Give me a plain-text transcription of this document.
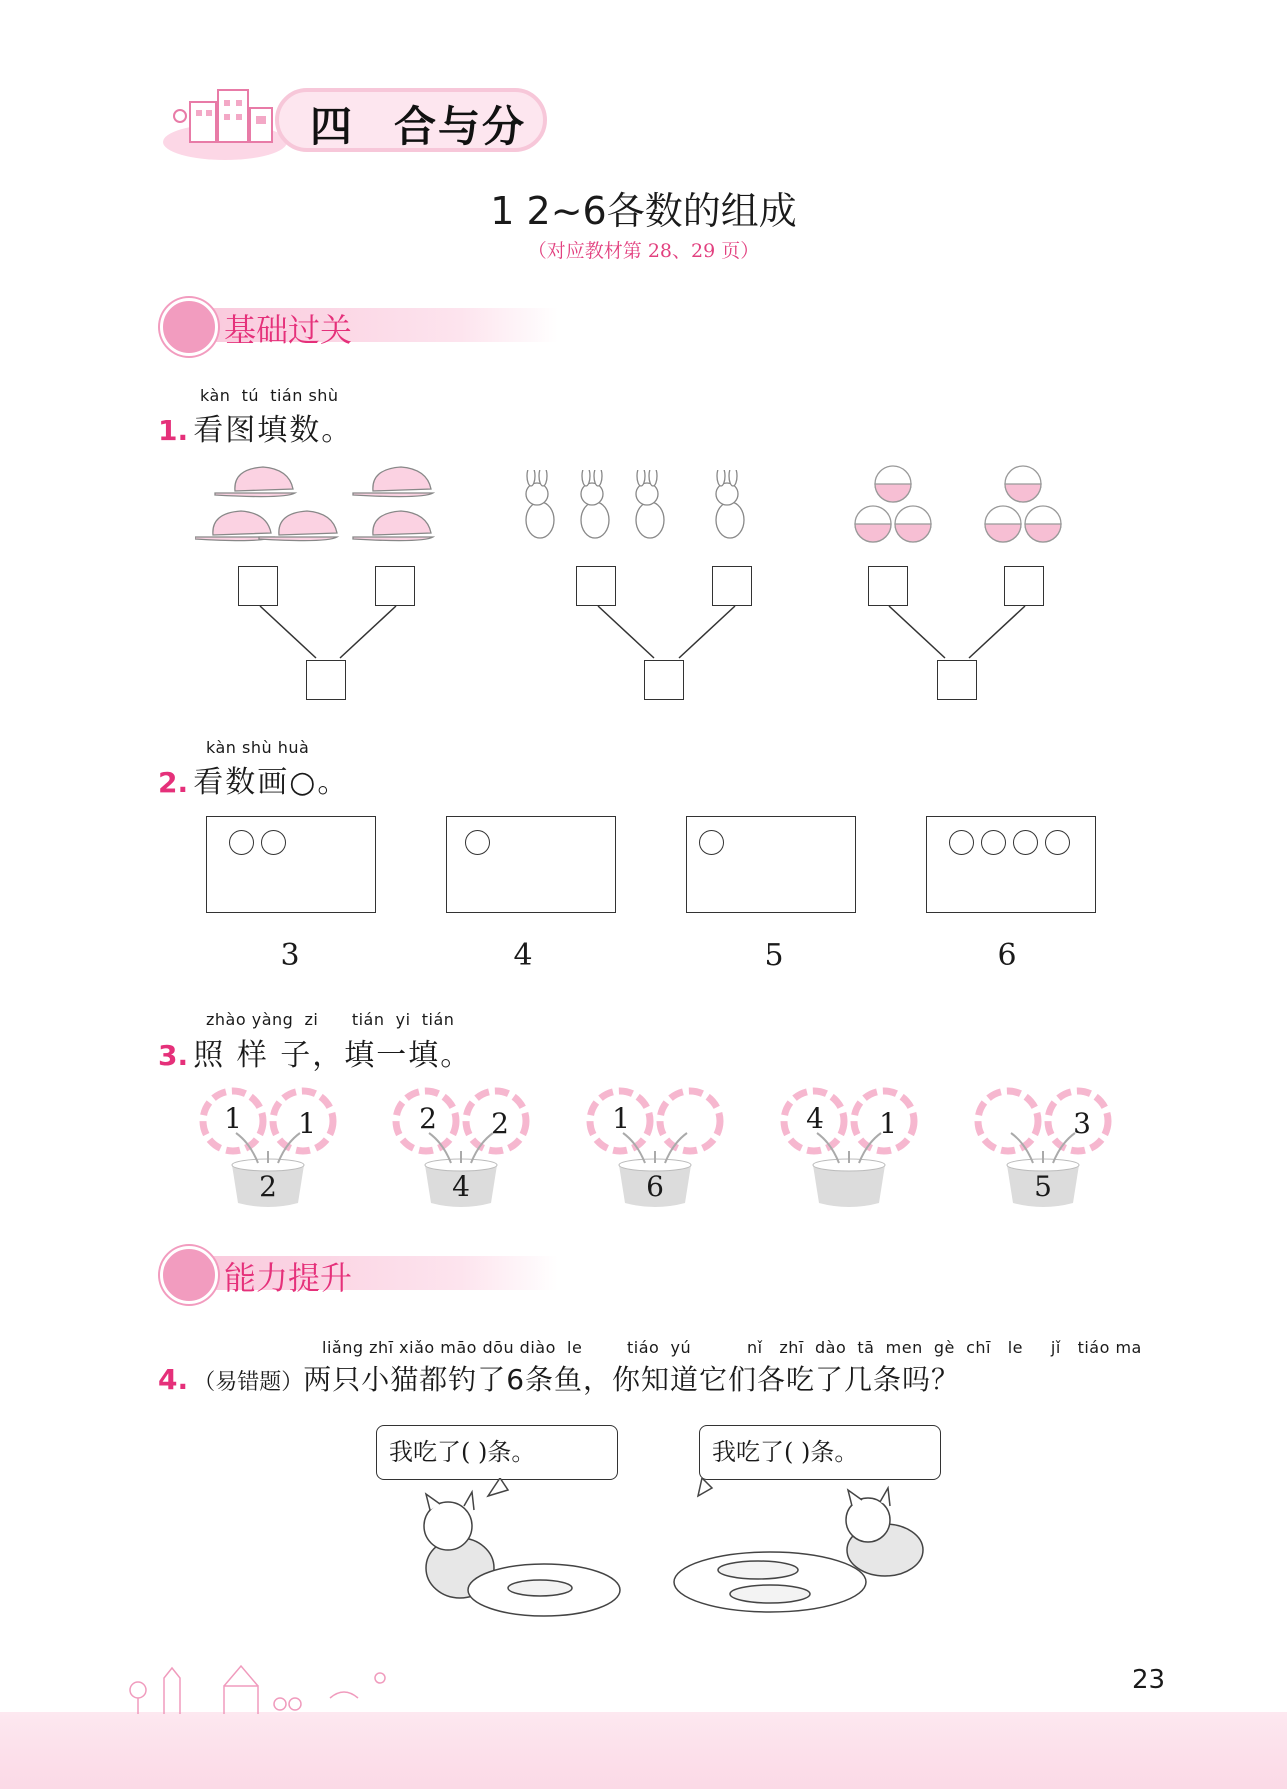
四 合与分
1 2~6各数的组成
（对应教材第 28、29 页）
基础过关
kàn  tú  tián shù
1. 看图填数。
kàn shù huà
2. 看数画○。
3	4	5	6
zhào yàng  zi      tián  yi  tián
3. 照 样 子，填一填。
1	1
2
2	2
4
1
6
4	1	3
5
能力提升
liǎng zhī xiǎo māo dōu diào  le        tiáo  yú          nǐ   zhī  dào  tā  men  gè  chī   le     jǐ   tiáo ma
4. （易错题）两只小猫都钓了6条鱼，你知道它们各吃了几条吗？
我吃了( )条。	我吃了( )条。
23
